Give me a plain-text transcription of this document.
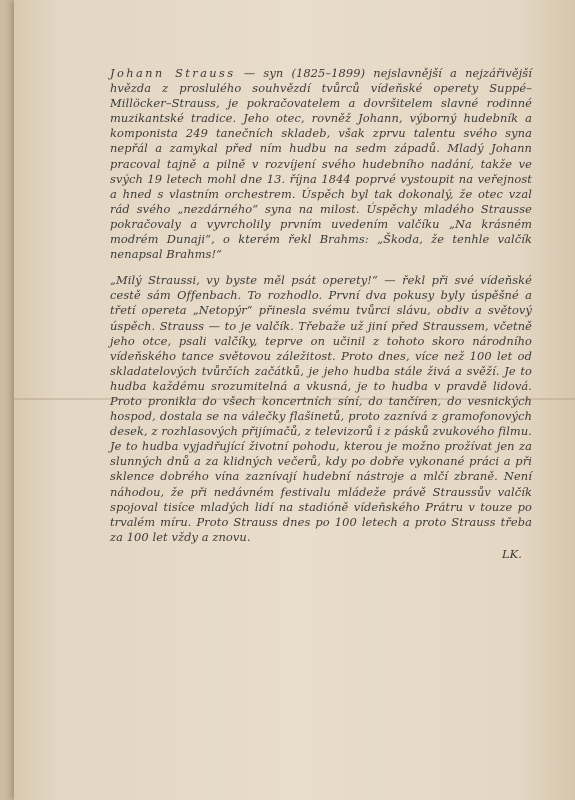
Johann Strauss — syn (1825–1899) nejslavnější a nejzářivější hvězda z proslulého souhvězdí tvůrců vídeňské operety Suppé–Millöcker–Strauss, je pokračovatelem a dovršitelem slavné rodinné muzikantské tradice. Jeho otec, rovněž Johann, výborný hudebník a komponista 249 tanečních skladeb, však zprvu talentu svého syna nepřál a zamykal před ním hudbu na sedm západů. Mladý Johann pracoval tajně a pilně v rozvíjení svého hudebního nadání, takže ve svých 19 letech mohl dne 13. října 1844 poprvé vystoupit na veřejnost a hned s vlastním orchestrem. Úspěch byl tak dokonalý, že otec vzal rád svého „nezdárného“ syna na milost. Úspěchy mladého Strausse pokračovaly a vyvrcholily prvním uvedením valčíku „Na krásném modrém Dunaji“, o kterém řekl Brahms: „Škoda, že tenhle valčík nenapsal Brahms!“

„Milý Straussi, vy byste měl psát operety!“ — řekl při své vídeňské cestě sám Offenbach. To rozhodlo. První dva pokusy byly úspěšné a třetí opereta „Netopýr“ přinesla svému tvůrci slávu, obdiv a světový úspěch. Strauss — to je valčík. Třebaže už jiní před Straussem, včetně jeho otce, psali valčíky, teprve on učinil z tohoto skoro národního vídeňského tance světovou záležitost. Proto dnes, více než 100 let od skladatelových tvůrčích začátků, je jeho hudba stále živá a svěží. Je to hudba každému srozumitelná a vkusná, je to hudba v pravdě lidová. Proto pronikla do všech koncertních síní, do tančíren, do vesnických hospod, dostala se na válečky flašinetů, proto zaznívá z gramofonových desek, z rozhlasových přijímačů, z televizorů i z pásků zvukového filmu. Je to hudba vyjadřující životní pohodu, kterou je možno prožívat jen za slunných dnů a za klidných večerů, kdy po dobře vykonané práci a při sklence dobrého vína zaznívají hudební nástroje a mlčí zbraně. Není náhodou, že při nedávném festivalu mládeže právě Straussův valčík spojoval tisíce mladých lidí na stadióně vídeňského Prátru v touze po trvalém míru. Proto Strauss dnes po 100 letech a proto Strauss třeba za 100 let vždy a znovu.

LK.
